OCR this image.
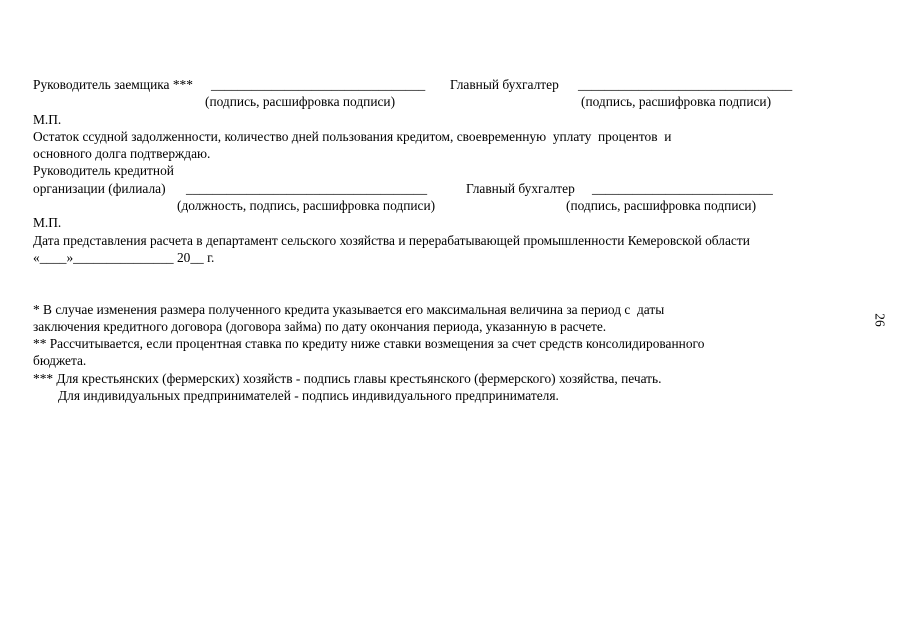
Руководитель заемщика *** ________________________________ Главный бухгалтер ________________________________
(подпись, расшифровка подписи)	(подпись, расшифровка подписи)
М.П.
Остаток ссудной задолженности, количество дней пользования кредитом, своевременную  уплату  процентов  и
основного долга подтверждаю.
Руководитель кредитной
организации (филиала) ____________________________________	Главный бухгалтер ___________________________
(должность, подпись, расшифровка подписи)	(подпись, расшифровка подписи)
М.П.
Дата представления расчета в департамент сельского хозяйства и перерабатывающей промышленности Кемеровской области
«____»_______________ 20__ г.
* В случае изменения размера полученного кредита указывается его максимальная величина за период с  даты
заключения кредитного договора (договора займа) по дату окончания периода, указанную в расчете.
** Рассчитывается, если процентная ставка по кредиту ниже ставки возмещения за счет средств консолидированного
бюджета.
*** Для крестьянских (фермерских) хозяйств - подпись главы крестьянского (фермерского) хозяйства, печать.
Для индивидуальных предпринимателей - подпись индивидуального предпринимателя.
26
